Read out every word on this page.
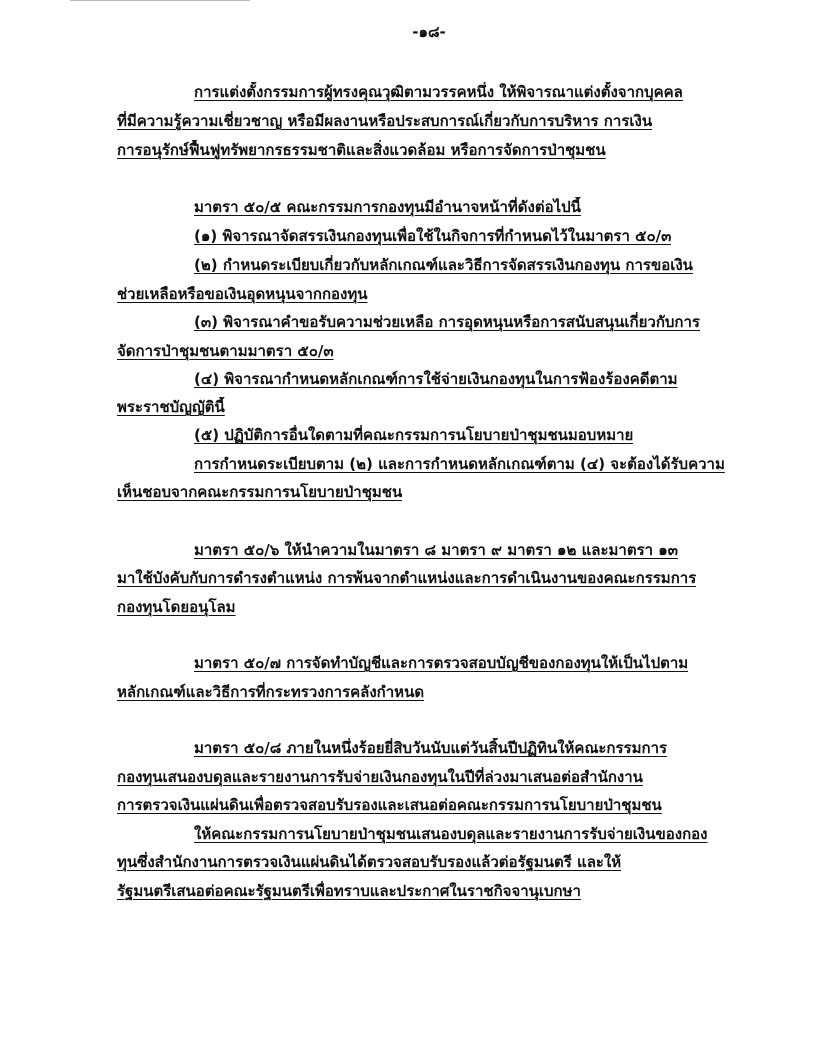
-๑๘-
การแต่งตั้งกรรมการผู้ทรงคุณวุฒิตามวรรคหนึ่ง ให้พิจารณาแต่งตั้งจากบุคคล
ที่มีความรู้ความเชี่ยวชาญ หรือมีผลงานหรือประสบการณ์เกี่ยวกับการบริหาร การเงิน
การอนุรักษ์ฟื้นฟูทรัพยากรธรรมชาติและสิ่งแวดล้อม หรือการจัดการป่าชุมชน
มาตรา ๕๐/๕ คณะกรรมการกองทุนมีอำนาจหน้าที่ดังต่อไปนี้
(๑) พิจารณาจัดสรรเงินกองทุนเพื่อใช้ในกิจการที่กำหนดไว้ในมาตรา ๕๐/๓
(๒) กำหนดระเบียบเกี่ยวกับหลักเกณฑ์และวิธีการจัดสรรเงินกองทุน การขอเงิน
ช่วยเหลือหรือขอเงินอุดหนุนจากกองทุน
(๓) พิจารณาคำขอรับความช่วยเหลือ การอุดหนุนหรือการสนับสนุนเกี่ยวกับการ
จัดการป่าชุมชนตามมาตรา ๕๐/๓
(๔) พิจารณากำหนดหลักเกณฑ์การใช้จ่ายเงินกองทุนในการฟ้องร้องคดีตาม
พระราชบัญญัตินี้
(๕) ปฏิบัติการอื่นใดตามที่คณะกรรมการนโยบายป่าชุมชนมอบหมาย
การกำหนดระเบียบตาม (๒) และการกำหนดหลักเกณฑ์ตาม (๔) จะต้องได้รับความ
เห็นชอบจากคณะกรรมการนโยบายป่าชุมชน
มาตรา ๕๐/๖ ให้นำความในมาตรา ๘ มาตรา ๙ มาตรา ๑๒ และมาตรา ๑๓
มาใช้บังคับกับการดำรงตำแหน่ง การพ้นจากตำแหน่งและการดำเนินงานของคณะกรรมการ
กองทุนโดยอนุโลม
มาตรา ๕๐/๗ การจัดทำบัญชีและการตรวจสอบบัญชีของกองทุนให้เป็นไปตาม
หลักเกณฑ์และวิธีการที่กระทรวงการคลังกำหนด
มาตรา ๕๐/๘ ภายในหนึ่งร้อยยี่สิบวันนับแต่วันสิ้นปีปฏิทินให้คณะกรรมการ
กองทุนเสนองบดุลและรายงานการรับจ่ายเงินกองทุนในปีที่ล่วงมาเสนอต่อสำนักงาน
การตรวจเงินแผ่นดินเพื่อตรวจสอบรับรองและเสนอต่อคณะกรรมการนโยบายป่าชุมชน
ให้คณะกรรมการนโยบายป่าชุมชนเสนองบดุลและรายงานการรับจ่ายเงินของกอง
ทุนซึ่งสำนักงานการตรวจเงินแผ่นดินได้ตรวจสอบรับรองแล้วต่อรัฐมนตรี และให้
รัฐมนตรีเสนอต่อคณะรัฐมนตรีเพื่อทราบและประกาศในราชกิจจานุเบกษา
